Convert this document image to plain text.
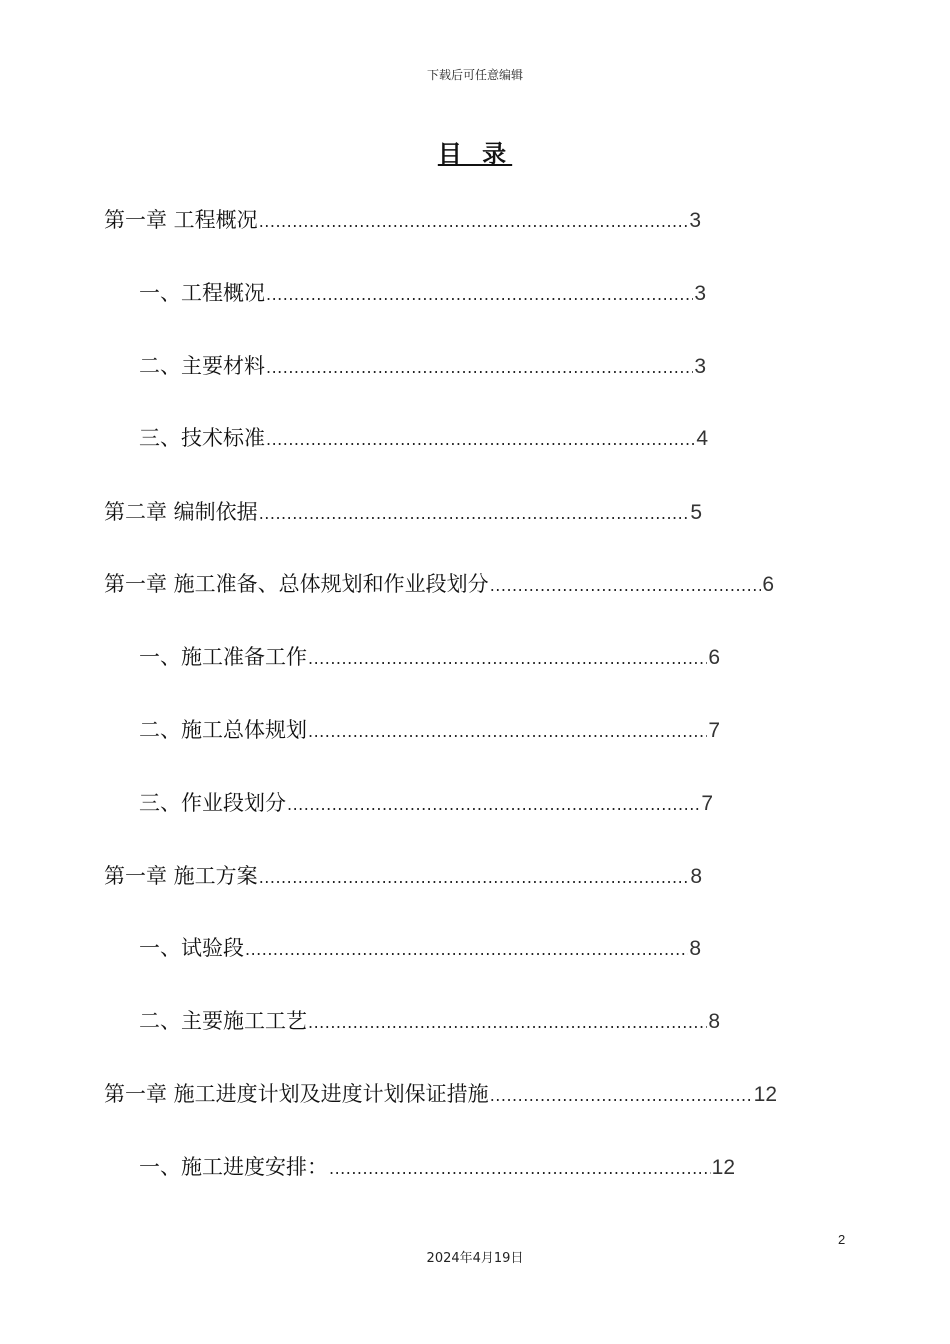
下载后可任意编辑
目 录
第一章 工程概况 .....	3
一、工程概况 .....	3
二、主要材料 .....	3
三、技术标准 .....	4
第二章 编制依据 .....	5
第一章 施工准备、总体规划和作业段划分 .....	6
一、施工准备工作 .....	6
二、施工总体规划 .....	7
三、作业段划分 .....	7
第一章 施工方案 .....	8
一、试验段 .....	8
二、主要施工工艺 .....	8
第一章 施工进度计划及进度计划保证措施 .....	12
一、施工进度安排： .....	12
2
2024年4月19日
